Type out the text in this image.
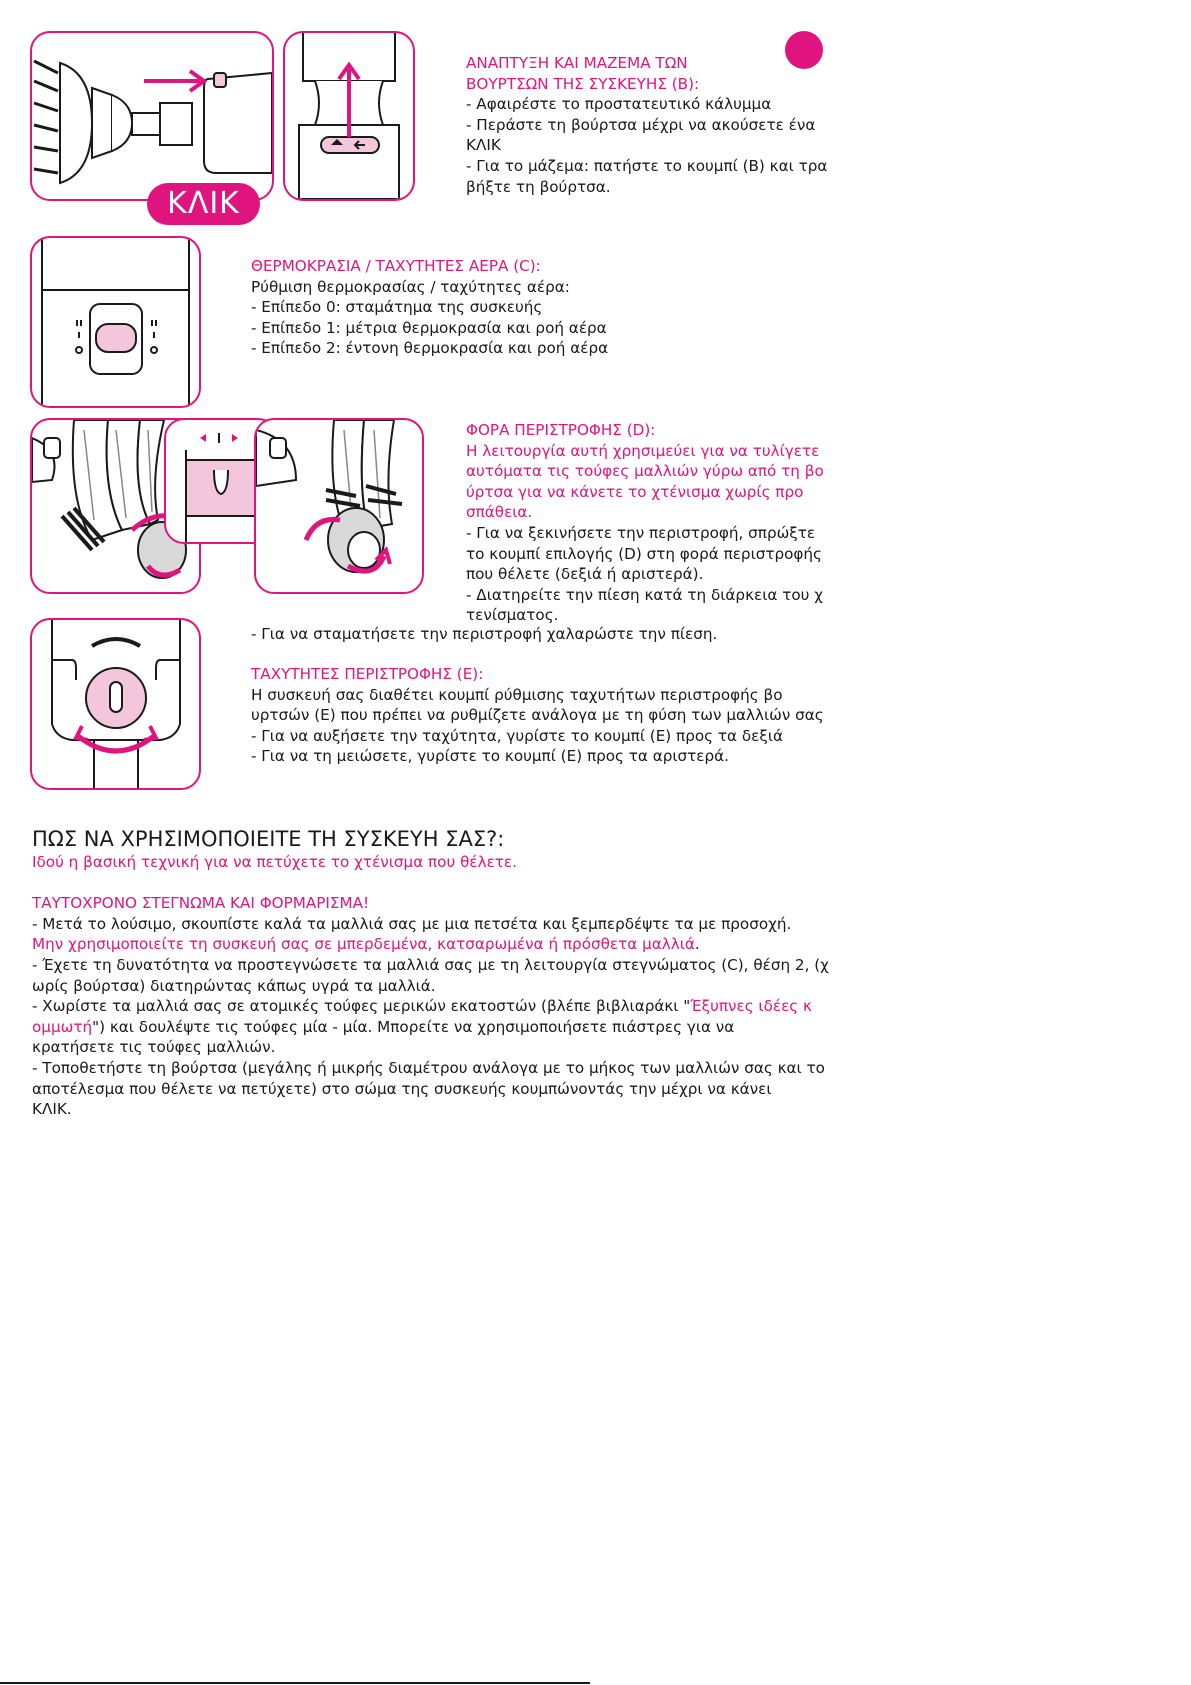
ΚΛΙΚ

ΑΝΑΠΤΥΞΗ ΚΑΙ ΜΑΖΕΜΑ ΤΩΝ

ΒΟΥΡΤΣΩΝ ΤΗΣ ΣΥΣΚΕΥΗΣ (B):

- Αφαιρέστε το προστατευτικό κάλυμμα

- Περάστε τη βούρτσα μέχρι να ακούσετε ένα

ΚΛΙΚ

- Για το μάζεμα: πατήστε το κουμπί (B) και τρα

βήξτε τη βούρτσα.

ΘΕΡΜΟΚΡΑΣΙΑ / ΤΑΧΥΤΗΤΕΣ ΑΕΡΑ (C):

Ρύθμιση θερμοκρασίας / ταχύτητες αέρα:

- Επίπεδο 0: σταμάτημα της συσκευής

- Επίπεδο 1: μέτρια θερμοκρασία και ροή αέρα

- Επίπεδο 2: έντονη θερμοκρασία και ροή αέρα

ΦΟΡΑ ΠΕΡΙΣΤΡΟΦΗΣ (D):

Η λειτουργία αυτή χρησιμεύει για να τυλίγετε

αυτόματα τις τούφες μαλλιών γύρω από τη βο

ύρτσα για να κάνετε το χτένισμα χωρίς προ

σπάθεια.

- Για να ξεκινήσετε την περιστροφή, σπρώξτε

το κουμπί επιλογής (D) στη φορά περιστροφής

που θέλετε (δεξιά ή αριστερά).

- Διατηρείτε την πίεση κατά τη διάρκεια του χ

τενίσματος.

- Για να σταματήσετε την περιστροφή χαλαρώστε την πίεση.

ΤΑΧΥΤΗΤΕΣ ΠΕΡΙΣΤΡΟΦΗΣ (E):

Η συσκευή σας διαθέτει κουμπί ρύθμισης ταχυτήτων περιστροφής βο

υρτσών (E) που πρέπει να ρυθμίζετε ανάλογα με τη φύση των μαλλιών σας

- Για να αυξήσετε την ταχύτητα, γυρίστε το κουμπί (E) προς τα δεξιά

- Για να τη μειώσετε, γυρίστε το κουμπί (E) προς τα αριστερά.

ΠΩΣ ΝΑ ΧΡΗΣΙΜΟΠΟΙΕΙΤΕ ΤΗ ΣΥΣΚΕΥΗ ΣΑΣ?:

Ιδού η βασική τεχνική για να πετύχετε το χτένισμα που θέλετε.

ΤΑΥΤΟΧΡΟΝΟ ΣΤΕΓΝΩΜΑ ΚΑΙ ΦΟΡΜΑΡΙΣΜΑ!

- Μετά το λούσιμο, σκουπίστε καλά τα μαλλιά σας με μια πετσέτα και ξεμπερδέψτε τα με προσοχή.

Μην χρησιμοποιείτε τη συσκευή σας σε μπερδεμένα, κατσαρωμένα ή πρόσθετα μαλλιά.

- Έχετε τη δυνατότητα να προστεγνώσετε τα μαλλιά σας με τη λειτουργία στεγνώματος (C), θέση 2, (χ

ωρίς βούρτσα) διατηρώντας κάπως υγρά τα μαλλιά.

- Χωρίστε τα μαλλιά σας σε ατομικές τούφες μερικών εκατοστών (βλέπε βιβλιαράκι "Έξυπνες ιδέες κ

ομμωτή") και δουλέψτε τις τούφες μία - μία. Μπορείτε να χρησιμοποιήσετε πιάστρες για να

κρατήσετε τις τούφες μαλλιών.

- Τοποθετήστε τη βούρτσα (μεγάλης ή μικρής διαμέτρου ανάλογα με το μήκος των μαλλιών σας και το

αποτέλεσμα που θέλετε να πετύχετε) στο σώμα της συσκευής κουμπώνοντάς την μέχρι να κάνει

ΚΛΙΚ.
